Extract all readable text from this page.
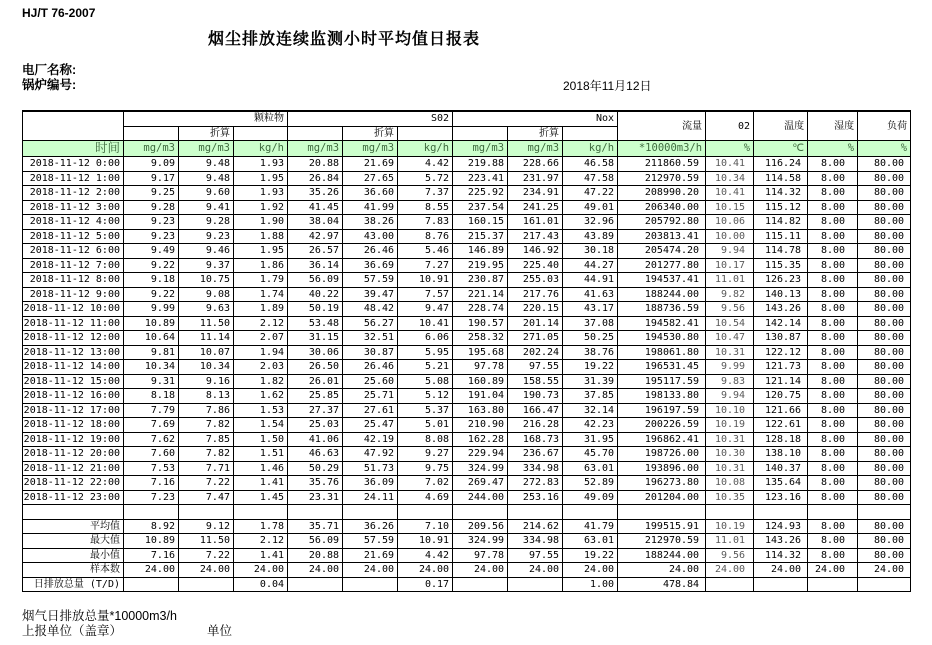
HJ/T 76-2007
烟尘排放连续监测小时平均值日报表
电厂名称:
锅炉编号:	2018年11月12日
	颗粒物			S02			Nox			流量	02	温度	湿度	负荷
		折算			折算			折算						
时间	mg/m3	mg/m3	kg/h	mg/m3	mg/m3	kg/h	mg/m3	mg/m3	kg/h	*10000m3/h	%	℃	%	%
2018-11-12 0:00	9.09	9.48	1.93	20.88	21.69	4.42	219.88	228.66	46.58	211860.59	10.41	116.24	8.00	80.00
2018-11-12 1:00	9.17	9.48	1.95	26.84	27.65	5.72	223.41	231.97	47.58	212970.59	10.34	114.58	8.00	80.00
2018-11-12 2:00	9.25	9.60	1.93	35.26	36.60	7.37	225.92	234.91	47.22	208990.20	10.41	114.32	8.00	80.00
2018-11-12 3:00	9.28	9.41	1.92	41.45	41.99	8.55	237.54	241.25	49.01	206340.00	10.15	115.12	8.00	80.00
2018-11-12 4:00	9.23	9.28	1.90	38.04	38.26	7.83	160.15	161.01	32.96	205792.80	10.06	114.82	8.00	80.00
2018-11-12 5:00	9.23	9.23	1.88	42.97	43.00	8.76	215.37	217.43	43.89	203813.41	10.00	115.11	8.00	80.00
2018-11-12 6:00	9.49	9.46	1.95	26.57	26.46	5.46	146.89	146.92	30.18	205474.20	9.94	114.78	8.00	80.00
2018-11-12 7:00	9.22	9.37	1.86	36.14	36.69	7.27	219.95	225.40	44.27	201277.80	10.17	115.35	8.00	80.00
2018-11-12 8:00	9.18	10.75	1.79	56.09	57.59	10.91	230.87	255.03	44.91	194537.41	11.01	126.23	8.00	80.00
2018-11-12 9:00	9.22	9.08	1.74	40.22	39.47	7.57	221.14	217.76	41.63	188244.00	9.82	140.13	8.00	80.00
2018-11-12 10:00	9.99	9.63	1.89	50.19	48.42	9.47	228.74	220.15	43.17	188736.59	9.56	143.26	8.00	80.00
2018-11-12 11:00	10.89	11.50	2.12	53.48	56.27	10.41	190.57	201.14	37.08	194582.41	10.54	142.14	8.00	80.00
2018-11-12 12:00	10.64	11.14	2.07	31.15	32.51	6.06	258.32	271.05	50.25	194530.80	10.47	130.87	8.00	80.00
2018-11-12 13:00	9.81	10.07	1.94	30.06	30.87	5.95	195.68	202.24	38.76	198061.80	10.31	122.12	8.00	80.00
2018-11-12 14:00	10.34	10.34	2.03	26.50	26.46	5.21	97.78	97.55	19.22	196531.45	9.99	121.73	8.00	80.00
2018-11-12 15:00	9.31	9.16	1.82	26.01	25.60	5.08	160.89	158.55	31.39	195117.59	9.83	121.14	8.00	80.00
2018-11-12 16:00	8.18	8.13	1.62	25.85	25.71	5.12	191.04	190.73	37.85	198133.80	9.94	120.75	8.00	80.00
2018-11-12 17:00	7.79	7.86	1.53	27.37	27.61	5.37	163.80	166.47	32.14	196197.59	10.10	121.66	8.00	80.00
2018-11-12 18:00	7.69	7.82	1.54	25.03	25.47	5.01	210.90	216.28	42.23	200226.59	10.19	122.61	8.00	80.00
2018-11-12 19:00	7.62	7.85	1.50	41.06	42.19	8.08	162.28	168.73	31.95	196862.41	10.31	128.18	8.00	80.00
2018-11-12 20:00	7.60	7.82	1.51	46.63	47.92	9.27	229.94	236.67	45.70	198726.00	10.30	138.10	8.00	80.00
2018-11-12 21:00	7.53	7.71	1.46	50.29	51.73	9.75	324.99	334.98	63.01	193896.00	10.31	140.37	8.00	80.00
2018-11-12 22:00	7.16	7.22	1.41	35.76	36.09	7.02	269.47	272.83	52.89	196273.80	10.08	135.64	8.00	80.00
2018-11-12 23:00	7.23	7.47	1.45	23.31	24.11	4.69	244.00	253.16	49.09	201204.00	10.35	123.16	8.00	80.00

平均值	8.92	9.12	1.78	35.71	36.26	7.10	209.56	214.62	41.79	199515.91	10.19	124.93	8.00	80.00
最大值	10.89	11.50	2.12	56.09	57.59	10.91	324.99	334.98	63.01	212970.59	11.01	143.26	8.00	80.00
最小值	7.16	7.22	1.41	20.88	21.69	4.42	97.78	97.55	19.22	188244.00	9.56	114.32	8.00	80.00
样本数	24.00	24.00	24.00	24.00	24.00	24.00	24.00	24.00	24.00	24.00	24.00	24.00	24.00	24.00
日排放总量 (T/D)			0.04			0.17			1.00	478.84				
烟气日排放总量*10000m3/h
上报单位（盖章）	单位
